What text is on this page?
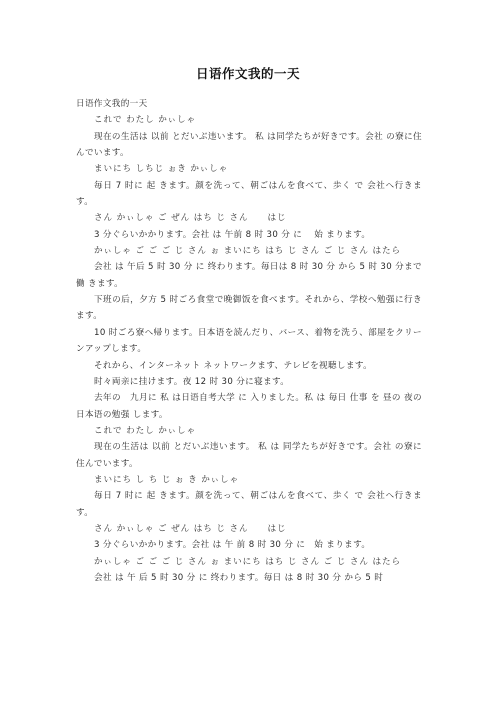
日语作文我的一天

日语作文我的一天

これで わたし かぃしゃ

现在の生活は 以前 とだいぶ违います。 私 は同学たちが好きです。会社 の寮に住んでいます。

まいにち しちじ ぉき かぃしゃ

毎日 7 时に 起 きます。颜を洗って、朝ごはんを食べて、歩く で 会社へ行きます。

さん かぃしゃ ご ぜん はち じ さん　　はじ

3 分ぐらいかかります。会社 は 午前 8 时 30 分 に 　始 まります。

かぃしゃ ご ご ご じ さん ぉ まいにち はち じ さん ご じ さん はたら

会社 は 午后 5 时 30 分 に 终わります。毎日は 8 时 30 分 から 5 时 30 分まで 働 きます。

下班の后，夕方 5 时ごろ食堂で晚御饭を食べます。それから、学校へ勉强に行きます。

10 时ごろ寮へ帰ります。日本语を読んだり、バース、着物を洗う、部屋をクリーンアップします。

それから、インターネット ネットワークます、テレビを视聴します。

时々両亲に挂けます。夜 12 时 30 分に寝ます。

去年の　九月に 私 は日语自考大学 に 入りました。私 は 毎日 仕事 を 昼の 夜の日本语の勉强 します。

これで わたし かぃしゃ

现在の生活は 以前 とだいぶ违います。 私 は 同学たちが好きです。会社 の寮に住んでいます。

まいにち し ち じ ぉ き かぃしゃ

毎日 7 时に 起 きます。颜を洗って、朝ごはんを食べて、歩く で 会社へ行きます。

さん かぃしゃ ご ぜん はち じ さん　　はじ

3 分ぐらいかかります。会社 は 午 前 8 时 30 分 に　始 まります。

かぃしゃ ご ご ご じ さん ぉ まいにち はち じ さん ご じ さん はたら

会社 は 午 后 5 时 30 分 に 终わります。毎日 は 8 时 30 分 から 5 时
